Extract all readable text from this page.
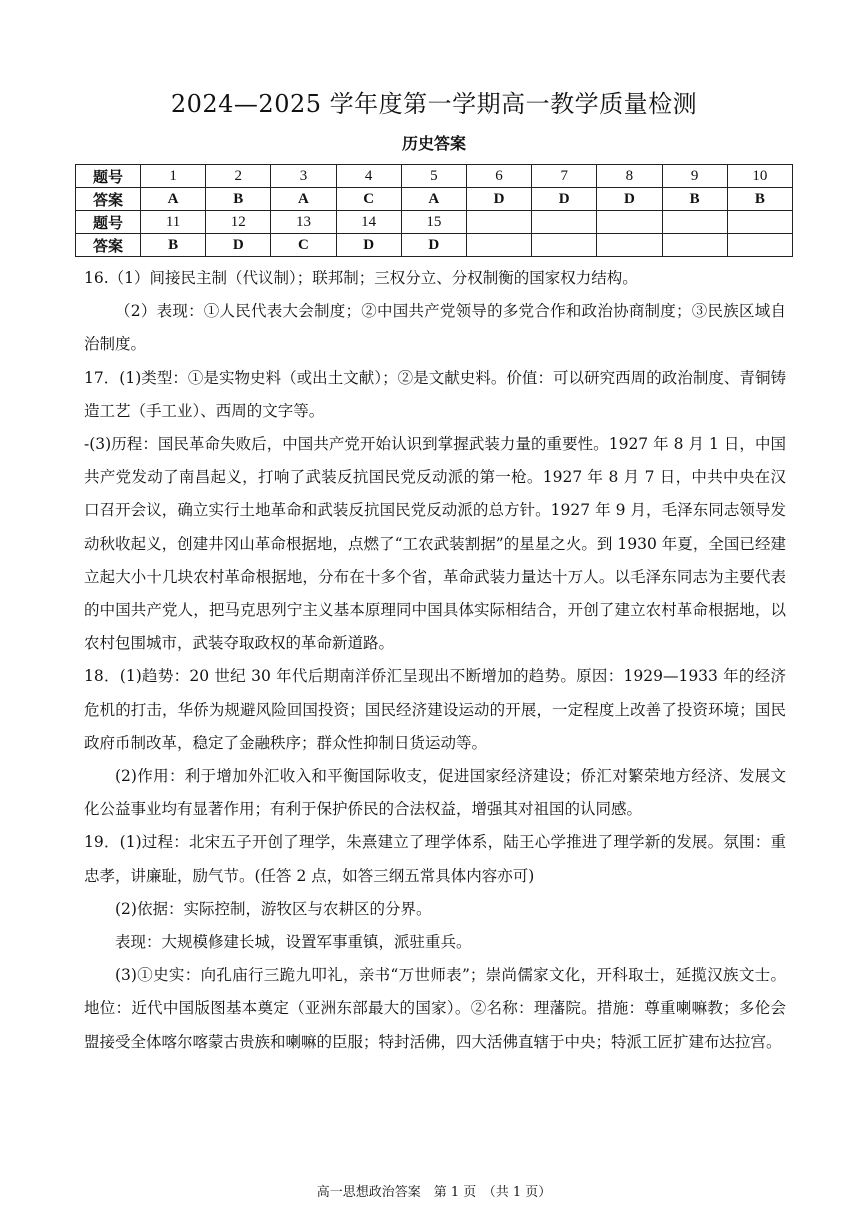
2024—2025 学年度第一学期高一教学质量检测
历史答案
题号	1	2	3	4	5	6	7	8	9	10
答案	A	B	A	C	A	D	D	D	B	B
题号	11	12	13	14	15					
答案	B	D	C	D	D					

16.（1）间接民主制（代议制）；联邦制；三权分立、分权制衡的国家权力结构。

（2）表现：①人民代表大会制度；②中国共产党领导的多党合作和政治协商制度；③民族区域自治制度。

17．(1)类型：①是实物史料（或出土文献）；②是文献史料。价值：可以研究西周的政治制度、青铜铸造工艺（手工业）、西周的文字等。

-(3)历程：国民革命失败后，中国共产党开始认识到掌握武装力量的重要性。1927 年 8 月 1 日，中国共产党发动了南昌起义，打响了武装反抗国民党反动派的第一枪。1927 年 8 月 7 日，中共中央在汉口召开会议，确立实行土地革命和武装反抗国民党反动派的总方针。1927 年 9 月，毛泽东同志领导发动秋收起义，创建井冈山革命根据地，点燃了“工农武装割据”的星星之火。到 1930 年夏，全国已经建立起大小十几块农村革命根据地，分布在十多个省，革命武装力量达十万人。以毛泽东同志为主要代表的中国共产党人，把马克思列宁主义基本原理同中国具体实际相结合，开创了建立农村革命根据地，以农村包围城市，武装夺取政权的革命新道路。

18．(1)趋势：20 世纪 30 年代后期南洋侨汇呈现出不断增加的趋势。原因：1929—1933 年的经济危机的打击，华侨为规避风险回国投资；国民经济建设运动的开展，一定程度上改善了投资环境；国民政府币制改革，稳定了金融秩序；群众性抑制日货运动等。

(2)作用：利于增加外汇收入和平衡国际收支，促进国家经济建设；侨汇对繁荣地方经济、发展文化公益事业均有显著作用；有利于保护侨民的合法权益，增强其对祖国的认同感。

19．(1)过程：北宋五子开创了理学，朱熹建立了理学体系，陆王心学推进了理学新的发展。氛围：重忠孝，讲廉耻，励气节。(任答 2 点，如答三纲五常具体内容亦可)

(2)依据：实际控制，游牧区与农耕区的分界。

表现：大规模修建长城，设置军事重镇，派驻重兵。

(3)①史实：向孔庙行三跪九叩礼，亲书“万世师表”；崇尚儒家文化，开科取士，延揽汉族文士。地位：近代中国版图基本奠定（亚洲东部最大的国家）。②名称：理藩院。措施：尊重喇嘛教；多伦会盟接受全体喀尔喀蒙古贵族和喇嘛的臣服；特封活佛，四大活佛直辖于中央；特派工匠扩建布达拉宫。

高一思想政治答案　第 1 页　（共 1 页）
